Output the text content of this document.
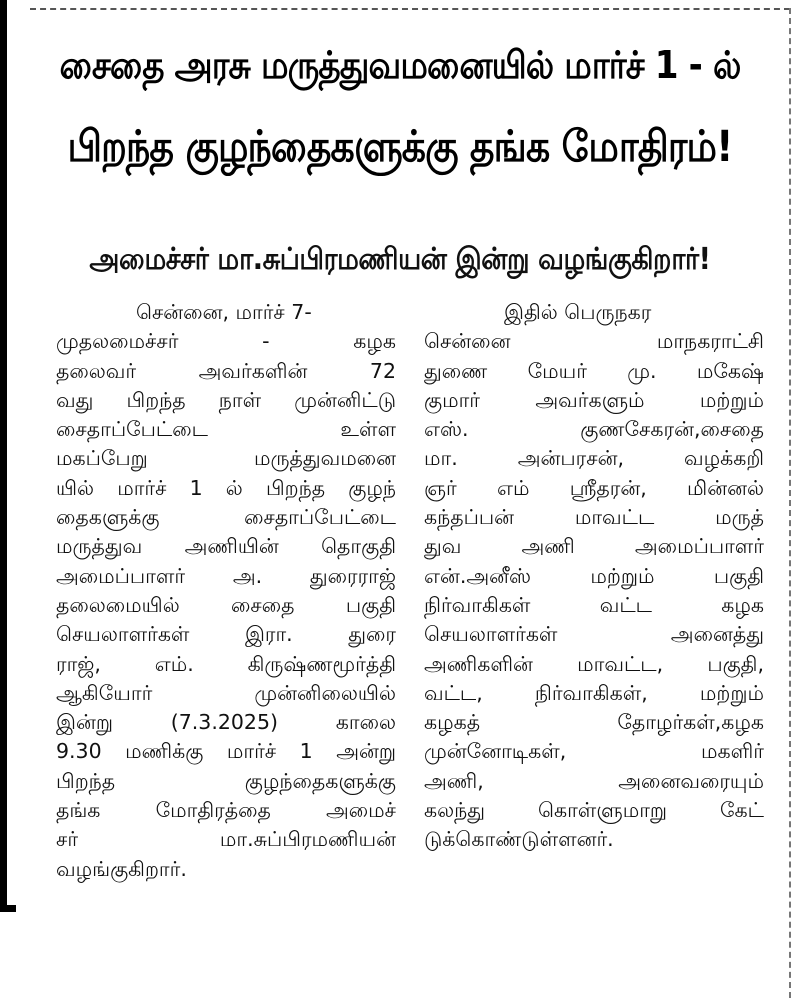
சைதை அரசு மருத்துவமனையில் மார்ச் 1 - ல்
பிறந்த குழந்தைகளுக்கு தங்க மோதிரம்!
அமைச்சர் மா.சுப்பிரமணியன் இன்று வழங்குகிறார்!
சென்னை, மார்ச் 7-
முதலமைச்சர் - கழக
தலைவர் அவர்களின் 72
வது பிறந்த நாள் முன்னிட்டு
சைதாப்பேட்டை உள்ள
மகப்பேறு மருத்துவமனை
யில் மார்ச் 1 ல் பிறந்த குழந்
தைகளுக்கு சைதாப்பேட்டை
மருத்துவ அணியின் தொகுதி
அமைப்பாளர் அ. துரைராஜ்
தலைமையில் சைதை பகுதி
செயலாளர்கள் இரா. துரை
ராஜ், எம். கிருஷ்ணமூர்த்தி
ஆகியோர் முன்னிலையில்
இன்று (7.3.2025) காலை
9.30 மணிக்கு மார்ச் 1 அன்று
பிறந்த குழந்தைகளுக்கு
தங்க மோதிரத்தை அமைச்
சர் மா.சுப்பிரமணியன்
வழங்குகிறார்.
இதில் பெருநகர
சென்னை மாநகராட்சி
துணை மேயர் மு. மகேஷ்
குமார் அவர்களும் மற்றும்
எஸ். குணசேகரன்,சைதை
மா. அன்பரசன், வழக்கறி
ஞர் எம் ஸ்ரீதரன், மின்னல்
கந்தப்பன் மாவட்ட மருத்
துவ அணி அமைப்பாளர்
என்.அனீஸ் மற்றும் பகுதி
நிர்வாகிகள் வட்ட கழக
செயலாளர்கள் அனைத்து
அணிகளின் மாவட்ட, பகுதி,
வட்ட, நிர்வாகிகள், மற்றும்
கழகத் தோழர்கள்,கழக
முன்னோடிகள், மகளிர்
அணி, அனைவரையும்
கலந்து கொள்ளுமாறு கேட்
டுக்கொண்டுள்ளனர்.
